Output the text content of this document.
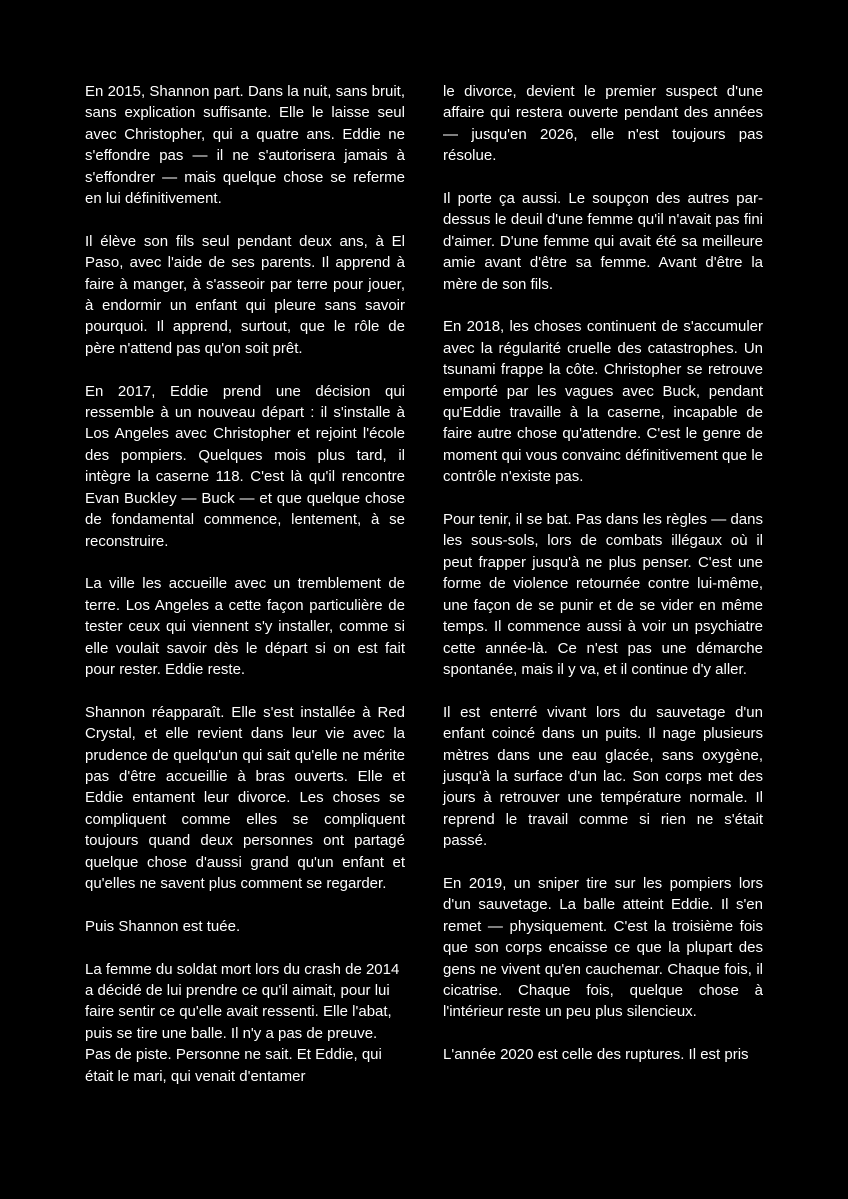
En 2015, Shannon part. Dans la nuit, sans bruit, sans explication suffisante. Elle le laisse seul avec Christopher, qui a quatre ans. Eddie ne s'effondre pas — il ne s'autorisera jamais à s'effondrer — mais quelque chose se referme en lui définitivement.

Il élève son fils seul pendant deux ans, à El Paso, avec l'aide de ses parents. Il apprend à faire à manger, à s'asseoir par terre pour jouer, à endormir un enfant qui pleure sans savoir pourquoi. Il apprend, surtout, que le rôle de père n'attend pas qu'on soit prêt.

En 2017, Eddie prend une décision qui ressemble à un nouveau départ : il s'installe à Los Angeles avec Christopher et rejoint l'école des pompiers. Quelques mois plus tard, il intègre la caserne 118. C'est là qu'il rencontre Evan Buckley — Buck — et que quelque chose de fondamental commence, lentement, à se reconstruire.

La ville les accueille avec un tremblement de terre. Los Angeles a cette façon particulière de tester ceux qui viennent s'y installer, comme si elle voulait savoir dès le départ si on est fait pour rester. Eddie reste.

Shannon réapparaît. Elle s'est installée à Red Crystal, et elle revient dans leur vie avec la prudence de quelqu'un qui sait qu'elle ne mérite pas d'être accueillie à bras ouverts. Elle et Eddie entament leur divorce. Les choses se compliquent comme elles se compliquent toujours quand deux personnes ont partagé quelque chose d'aussi grand qu'un enfant et qu'elles ne savent plus comment se regarder.

Puis Shannon est tuée.

La femme du soldat mort lors du crash de 2014 a décidé de lui prendre ce qu'il aimait, pour lui faire sentir ce qu'elle avait ressenti. Elle l'abat, puis se tire une balle. Il n'y a pas de preuve. Pas de piste. Personne ne sait. Et Eddie, qui était le mari, qui venait d'entamer

le divorce, devient le premier suspect d'une affaire qui restera ouverte pendant des années — jusqu'en 2026, elle n'est toujours pas résolue.

Il porte ça aussi. Le soupçon des autres par-dessus le deuil d'une femme qu'il n'avait pas fini d'aimer. D'une femme qui avait été sa meilleure amie avant d'être sa femme. Avant d'être la mère de son fils.

En 2018, les choses continuent de s'accumuler avec la régularité cruelle des catastrophes. Un tsunami frappe la côte. Christopher se retrouve emporté par les vagues avec Buck, pendant qu'Eddie travaille à la caserne, incapable de faire autre chose qu'attendre. C'est le genre de moment qui vous convainc définitivement que le contrôle n'existe pas.

Pour tenir, il se bat. Pas dans les règles — dans les sous-sols, lors de combats illégaux où il peut frapper jusqu'à ne plus penser. C'est une forme de violence retournée contre lui-même, une façon de se punir et de se vider en même temps. Il commence aussi à voir un psychiatre cette année-là. Ce n'est pas une démarche spontanée, mais il y va, et il continue d'y aller.

Il est enterré vivant lors du sauvetage d'un enfant coincé dans un puits. Il nage plusieurs mètres dans une eau glacée, sans oxygène, jusqu'à la surface d'un lac. Son corps met des jours à retrouver une température normale. Il reprend le travail comme si rien ne s'était passé.

En 2019, un sniper tire sur les pompiers lors d'un sauvetage. La balle atteint Eddie. Il s'en remet — physiquement. C'est la troisième fois que son corps encaisse ce que la plupart des gens ne vivent qu'en cauchemar. Chaque fois, il cicatrise. Chaque fois, quelque chose à l'intérieur reste un peu plus silencieux.

L'année 2020 est celle des ruptures. Il est pris
